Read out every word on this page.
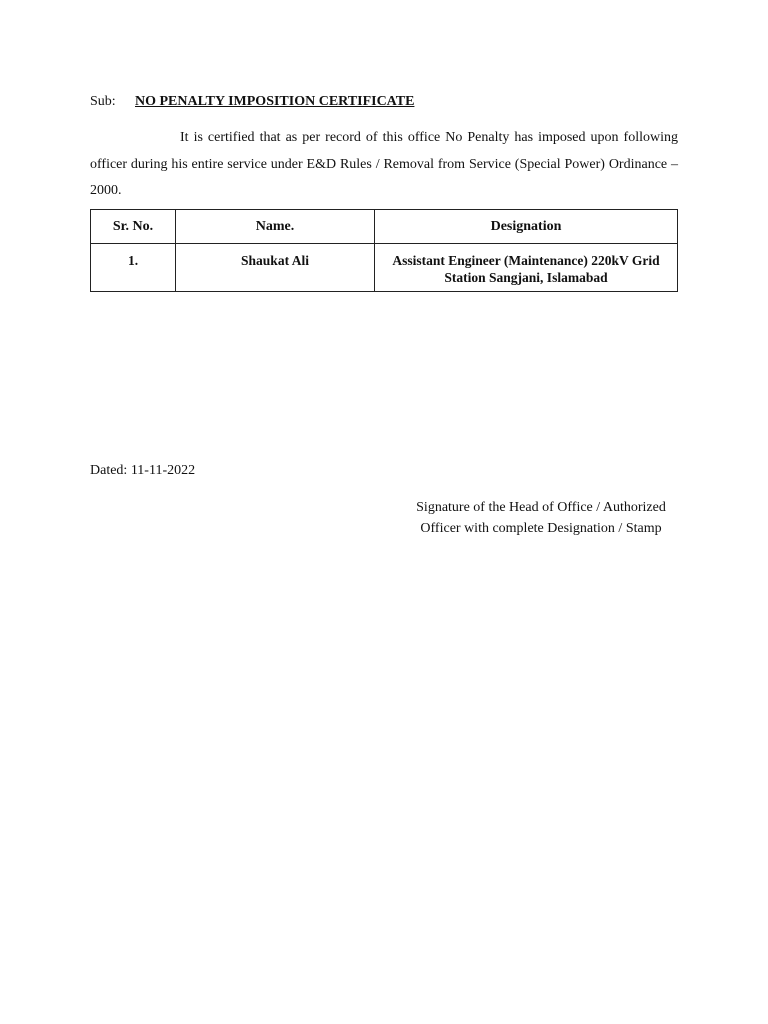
Sub: NO PENALTY IMPOSITION CERTIFICATE

It is certified that as per record of this office No Penalty has imposed upon following officer during his entire service under E&D Rules / Removal from Service (Special Power) Ordinance – 2000.

Sr. No.	Name.	Designation
1.	Shaukat Ali	Assistant Engineer (Maintenance) 220kV Grid
Station Sangjani, Islamabad
Dated: 11-11-2022
Signature of the Head of Office / Authorized
Officer with complete Designation / Stamp
